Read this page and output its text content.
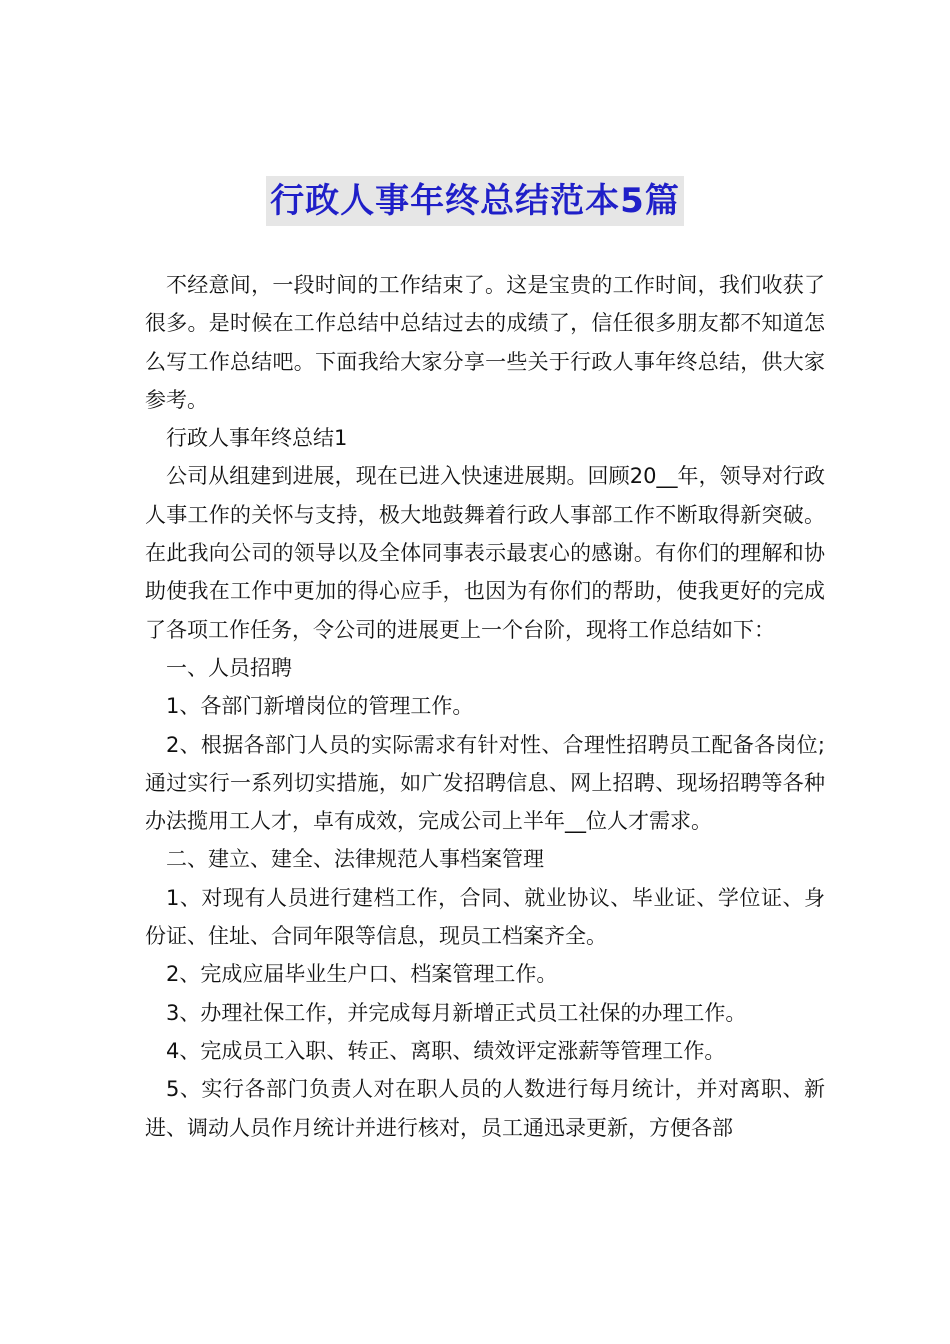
行政人事年终总结范本5篇

不经意间，一段时间的工作结束了。这是宝贵的工作时间，我们收获了很多。是时候在工作总结中总结过去的成绩了，信任很多朋友都不知道怎么写工作总结吧。下面我给大家分享一些关于行政人事年终总结，供大家参考。

行政人事年终总结1

公司从组建到进展，现在已进入快速进展期。回顾20__年，领导对行政人事工作的关怀与支持，极大地鼓舞着行政人事部工作不断取得新突破。在此我向公司的领导以及全体同事表示最衷心的感谢。有你们的理解和协助使我在工作中更加的得心应手，也因为有你们的帮助，使我更好的完成了各项工作任务，令公司的进展更上一个台阶，现将工作总结如下：

一、人员招聘

1、各部门新增岗位的管理工作。

2、根据各部门人员的实际需求有针对性、合理性招聘员工配备各岗位;通过实行一系列切实措施，如广发招聘信息、网上招聘、现场招聘等各种办法揽用工人才，卓有成效，完成公司上半年__位人才需求。

二、建立、建全、法律规范人事档案管理

1、对现有人员进行建档工作，合同、就业协议、毕业证、学位证、身份证、住址、合同年限等信息，现员工档案齐全。

2、完成应届毕业生户口、档案管理工作。

3、办理社保工作，并完成每月新增正式员工社保的办理工作。

4、完成员工入职、转正、离职、绩效评定涨薪等管理工作。

5、实行各部门负责人对在职人员的人数进行每月统计，并对离职、新进、调动人员作月统计并进行核对，员工通迅录更新，方便各部
